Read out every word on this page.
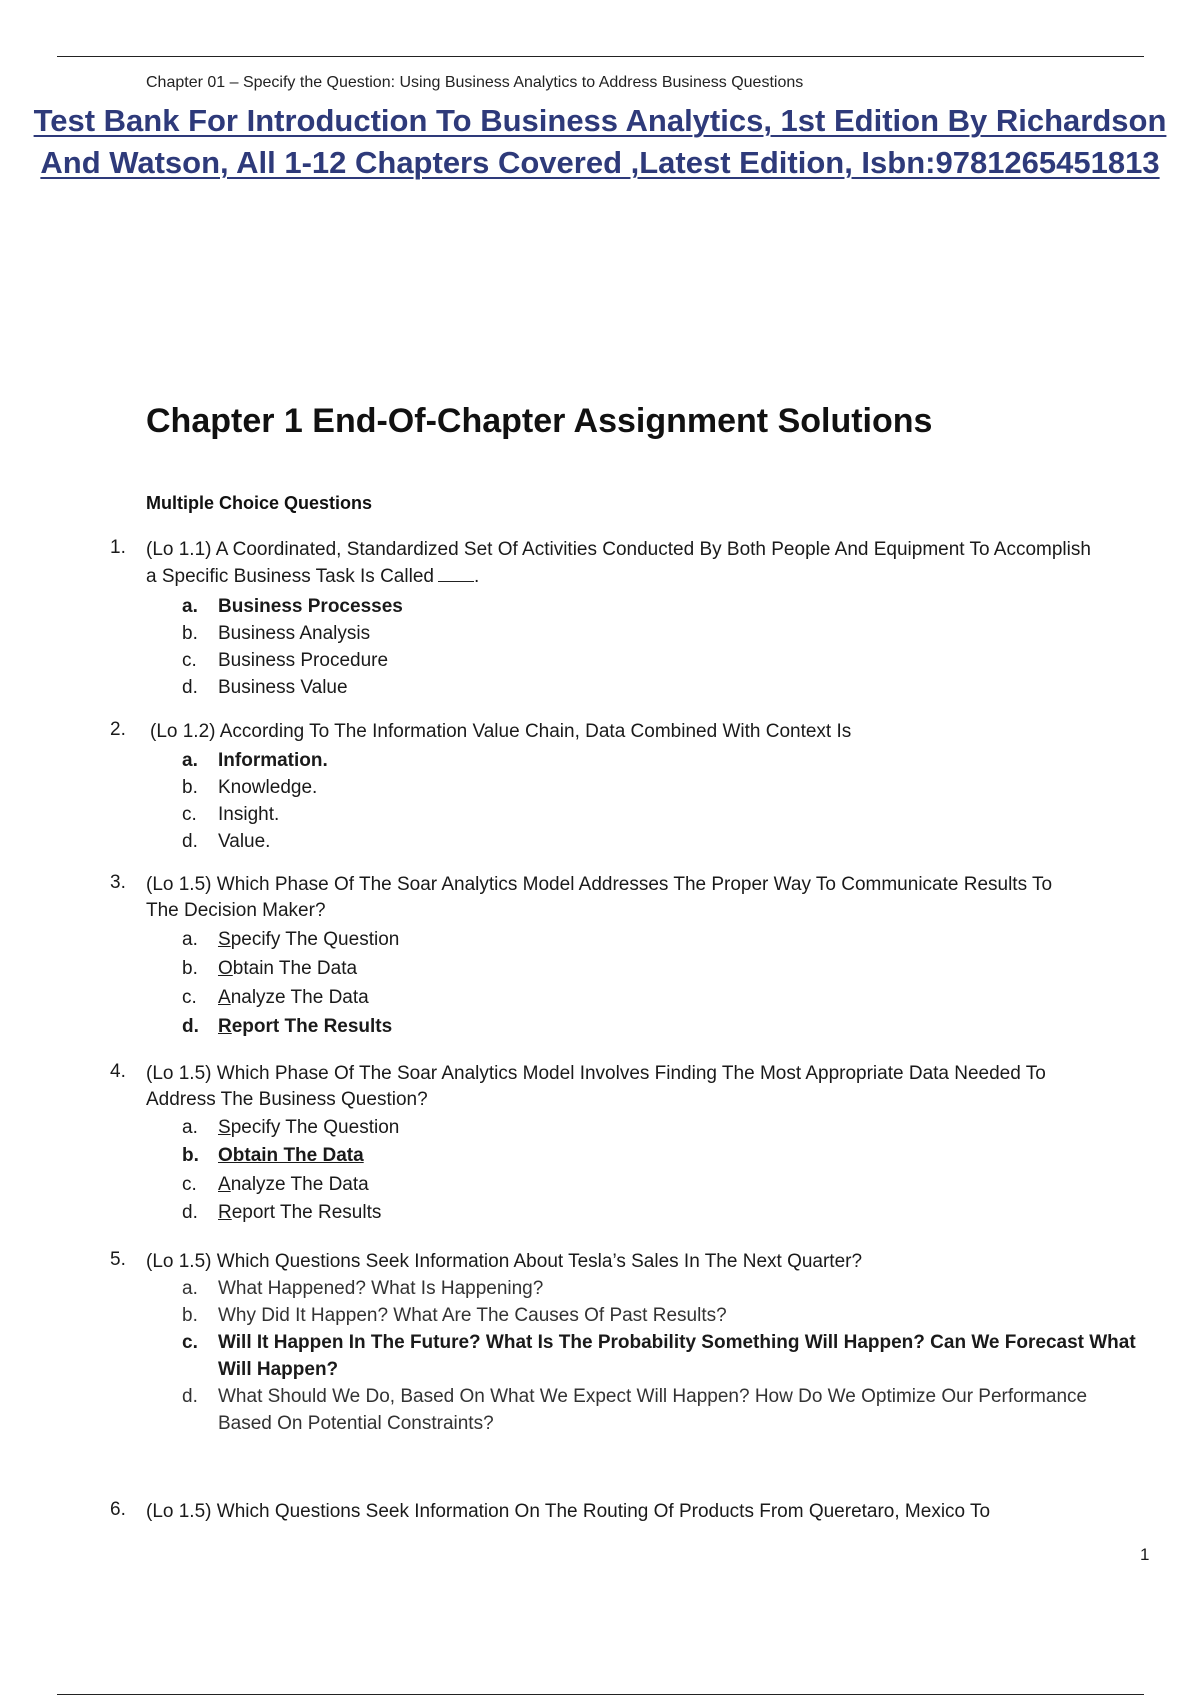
Chapter 01 – Specify the Question: Using Business Analytics to Address Business Questions
Test Bank For Introduction To Business Analytics, 1st Edition By Richardson
And Watson, All 1-12 Chapters Covered ,Latest Edition, Isbn:9781265451813
Chapter 1 End-Of-Chapter Assignment Solutions
Multiple Choice Questions
1. (Lo 1.1) A Coordinated, Standardized Set Of Activities Conducted By Both People And Equipment To Accomplish
a Specific Business Task Is Called .
a.	Business Processes
b.	Business Analysis
c.	Business Procedure
d.	Business Value
2. (Lo 1.2) According To The Information Value Chain, Data Combined With Context Is
a.	Information.
b.	Knowledge.
c.	Insight.
d.	Value.
3. (Lo 1.5) Which Phase Of The Soar Analytics Model Addresses The Proper Way To Communicate Results To
The Decision Maker?
a.	Specify The Question
b.	Obtain The Data
c.	Analyze The Data
d.	Report The Results
4. (Lo 1.5) Which Phase Of The Soar Analytics Model Involves Finding The Most Appropriate Data Needed To
Address The Business Question?
a.	Specify The Question
b.	Obtain The Data
c.	Analyze The Data
d.	Report The Results
5. (Lo 1.5) Which Questions Seek Information About Tesla’s Sales In The Next Quarter?
a.	What Happened? What Is Happening?
b.	Why Did It Happen? What Are The Causes Of Past Results?
c.	Will It Happen In The Future? What Is The Probability Something Will Happen? Can We Forecast What Will Happen?
d.	What Should We Do, Based On What We Expect Will Happen? How Do We Optimize Our Performance Based On Potential Constraints?
6. (Lo 1.5) Which Questions Seek Information On The Routing Of Products From Queretaro, Mexico To
1
